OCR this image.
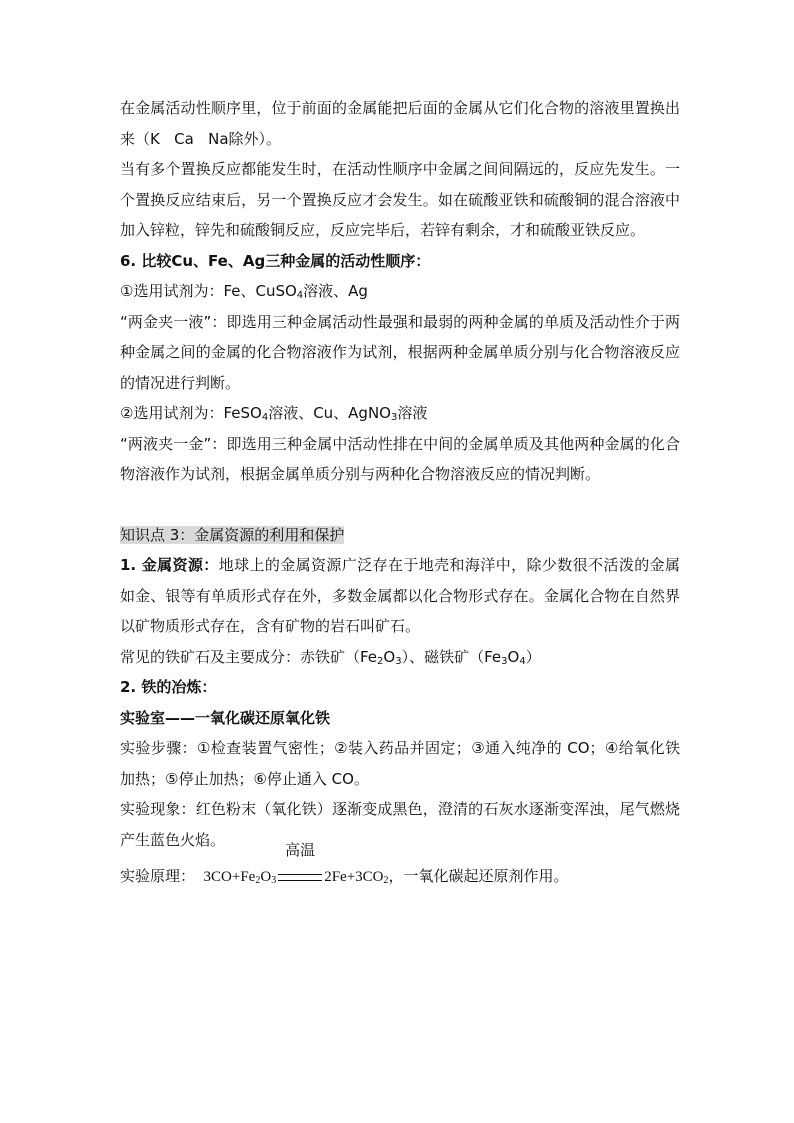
在金属活动性顺序里，位于前面的金属能把后面的金属从它们化合物的溶液里置换出来（K   Ca   Na除外）。

当有多个置换反应都能发生时，在活动性顺序中金属之间间隔远的，反应先发生。一个置换反应结束后，另一个置换反应才会发生。如在硫酸亚铁和硫酸铜的混合溶液中加入锌粒，锌先和硫酸铜反应，反应完毕后，若锌有剩余，才和硫酸亚铁反应。

6. 比较Cu、Fe、Ag三种金属的活动性顺序：

①选用试剂为：Fe、CuSO$_4$溶液、Ag

“两金夹一液”：即选用三种金属活动性最强和最弱的两种金属的单质及活动性介于两种金属之间的金属的化合物溶液作为试剂，根据两种金属单质分别与化合物溶液反应的情况进行判断。

②选用试剂为：FeSO$_4$溶液、Cu、AgNO$_3$溶液

“两液夹一金”：即选用三种金属中活动性排在中间的金属单质及其他两种金属的化合物溶液作为试剂，根据金属单质分别与两种化合物溶液反应的情况判断。

知识点 3：金属资源的利用和保护

1. 金属资源：地球上的金属资源广泛存在于地壳和海洋中，除少数很不活泼的金属如金、银等有单质形式存在外，多数金属都以化合物形式存在。金属化合物在自然界以矿物质形式存在，含有矿物的岩石叫矿石。

常见的铁矿石及主要成分：赤铁矿$(Fe_2O_3)$、磁铁矿$(Fe_3O_4)$

2. 铁的冶炼：

实验室——一氧化碳还原氧化铁

实验步骤：①检查装置气密性；②装入药品并固定；③通入纯净的 CO；④给氧化铁加热；⑤停止加热；⑥停止通入 CO。

实验现象：红色粉末（氧化铁）逐渐变成黑色，澄清的石灰水逐渐变浑浊，尾气燃烧产生蓝色火焰。

实验原理： $3CO+Fe_2O_3$
高温
$2Fe+3CO_2$，一氧化碳起还原剂作用。
